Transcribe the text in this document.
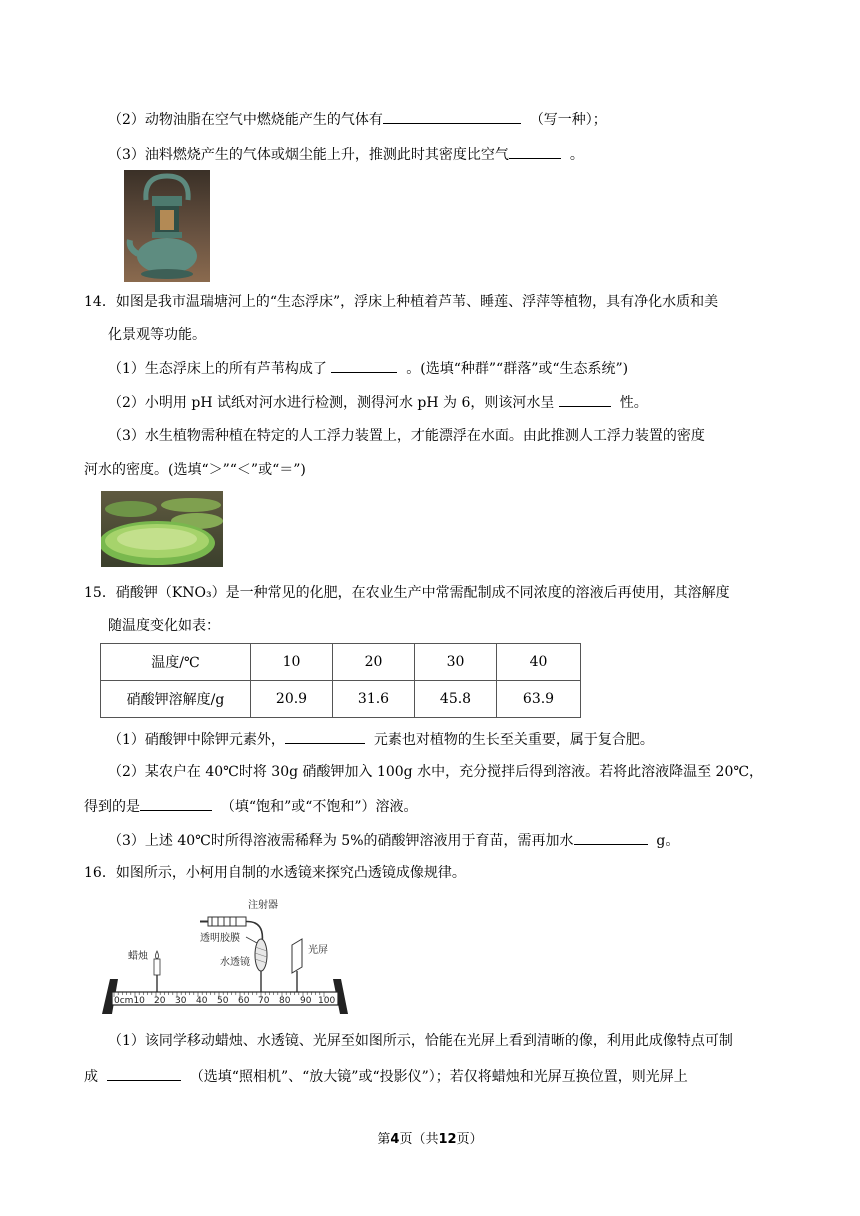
（2）动物油脂在空气中燃烧能产生的气体有	（写一种）；
（3）油料燃烧产生的气体或烟尘能上升，推测此时其密度比空气	。
14．如图是我市温瑞塘河上的“生态浮床”，浮床上种植着芦苇、睡莲、浮萍等植物，具有净化水质和美
化景观等功能。
（1）生态浮床上的所有芦苇构成了	。(选填“种群”“群落”或“生态系统”)
（2）小明用 pH 试纸对河水进行检测，测得河水 pH 为 6，则该河水呈	性。
（3）水生植物需种植在特定的人工浮力装置上，才能漂浮在水面。由此推测人工浮力装置的密度
河水的密度。(选填“＞”“＜”或“＝”)
15．硝酸钾（KNO₃）是一种常见的化肥，在农业生产中常需配制成不同浓度的溶液后再使用，其溶解度
随温度变化如表：
温度/℃	10	20	30	40
硝酸钾溶解度/g	20.9	31.6	45.8	63.9
（1）硝酸钾中除钾元素外，	元素也对植物的生长至关重要，属于复合肥。
（2）某农户在 40℃时将 30g 硝酸钾加入 100g 水中，充分搅拌后得到溶液。若将此溶液降温至 20℃，
得到的是	（填“饱和”或“不饱和”）溶液。
（3）上述 40℃时所得溶液需稀释为 5%的硝酸钾溶液用于育苗，需再加水	g。
16．如图所示，小柯用自制的水透镜来探究凸透镜成像规律。
注射器
透明胶膜
水透镜
蜡烛
光屏
0cm10 20 30 40 50 60 70 80 90 100
（1）该同学移动蜡烛、水透镜、光屏至如图所示，恰能在光屏上看到清晰的像，利用此成像特点可制
成	（选填“照相机”、“放大镜”或“投影仪”）；若仅将蜡烛和光屏互换位置，则光屏上
第4页（共12页）
